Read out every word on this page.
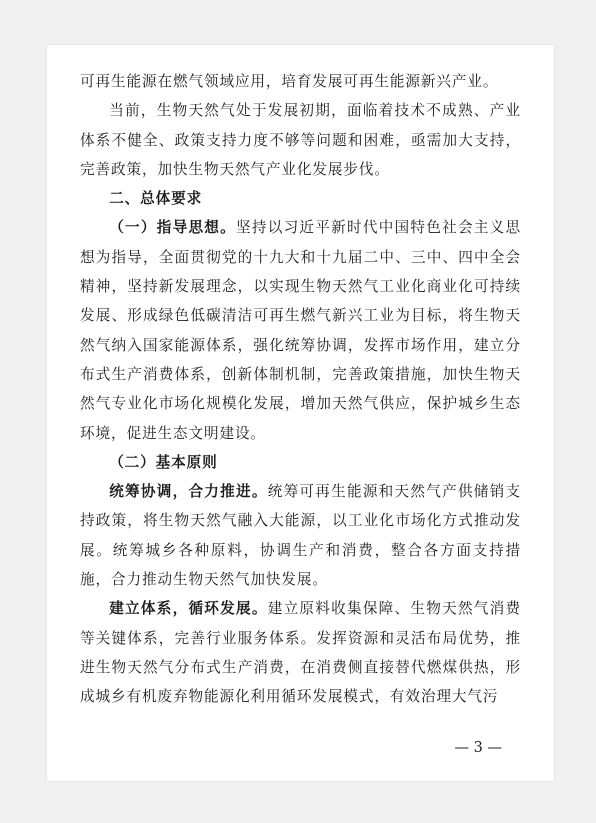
可再生能源在燃气领域应用，培育发展可再生能源新兴产业。

当前，生物天然气处于发展初期，面临着技术不成熟、产业体系不健全、政策支持力度不够等问题和困难，亟需加大支持，完善政策，加快生物天然气产业化发展步伐。

二、总体要求

（一）指导思想。坚持以习近平新时代中国特色社会主义思想为指导，全面贯彻党的十九大和十九届二中、三中、四中全会精神，坚持新发展理念，以实现生物天然气工业化商业化可持续发展、形成绿色低碳清洁可再生燃气新兴工业为目标，将生物天然气纳入国家能源体系，强化统筹协调，发挥市场作用，建立分布式生产消费体系，创新体制机制，完善政策措施，加快生物天然气专业化市场化规模化发展，增加天然气供应，保护城乡生态环境，促进生态文明建设。

（二）基本原则

统筹协调，合力推进。统筹可再生能源和天然气产供储销支持政策，将生物天然气融入大能源，以工业化市场化方式推动发展。统筹城乡各种原料，协调生产和消费，整合各方面支持措施，合力推动生物天然气加快发展。

建立体系，循环发展。建立原料收集保障、生物天然气消费等关键体系，完善行业服务体系。发挥资源和灵活布局优势，推进生物天然气分布式生产消费，在消费侧直接替代燃煤供热，形成城乡有机废弃物能源化利用循环发展模式，有效治理大气污

— 3 —
